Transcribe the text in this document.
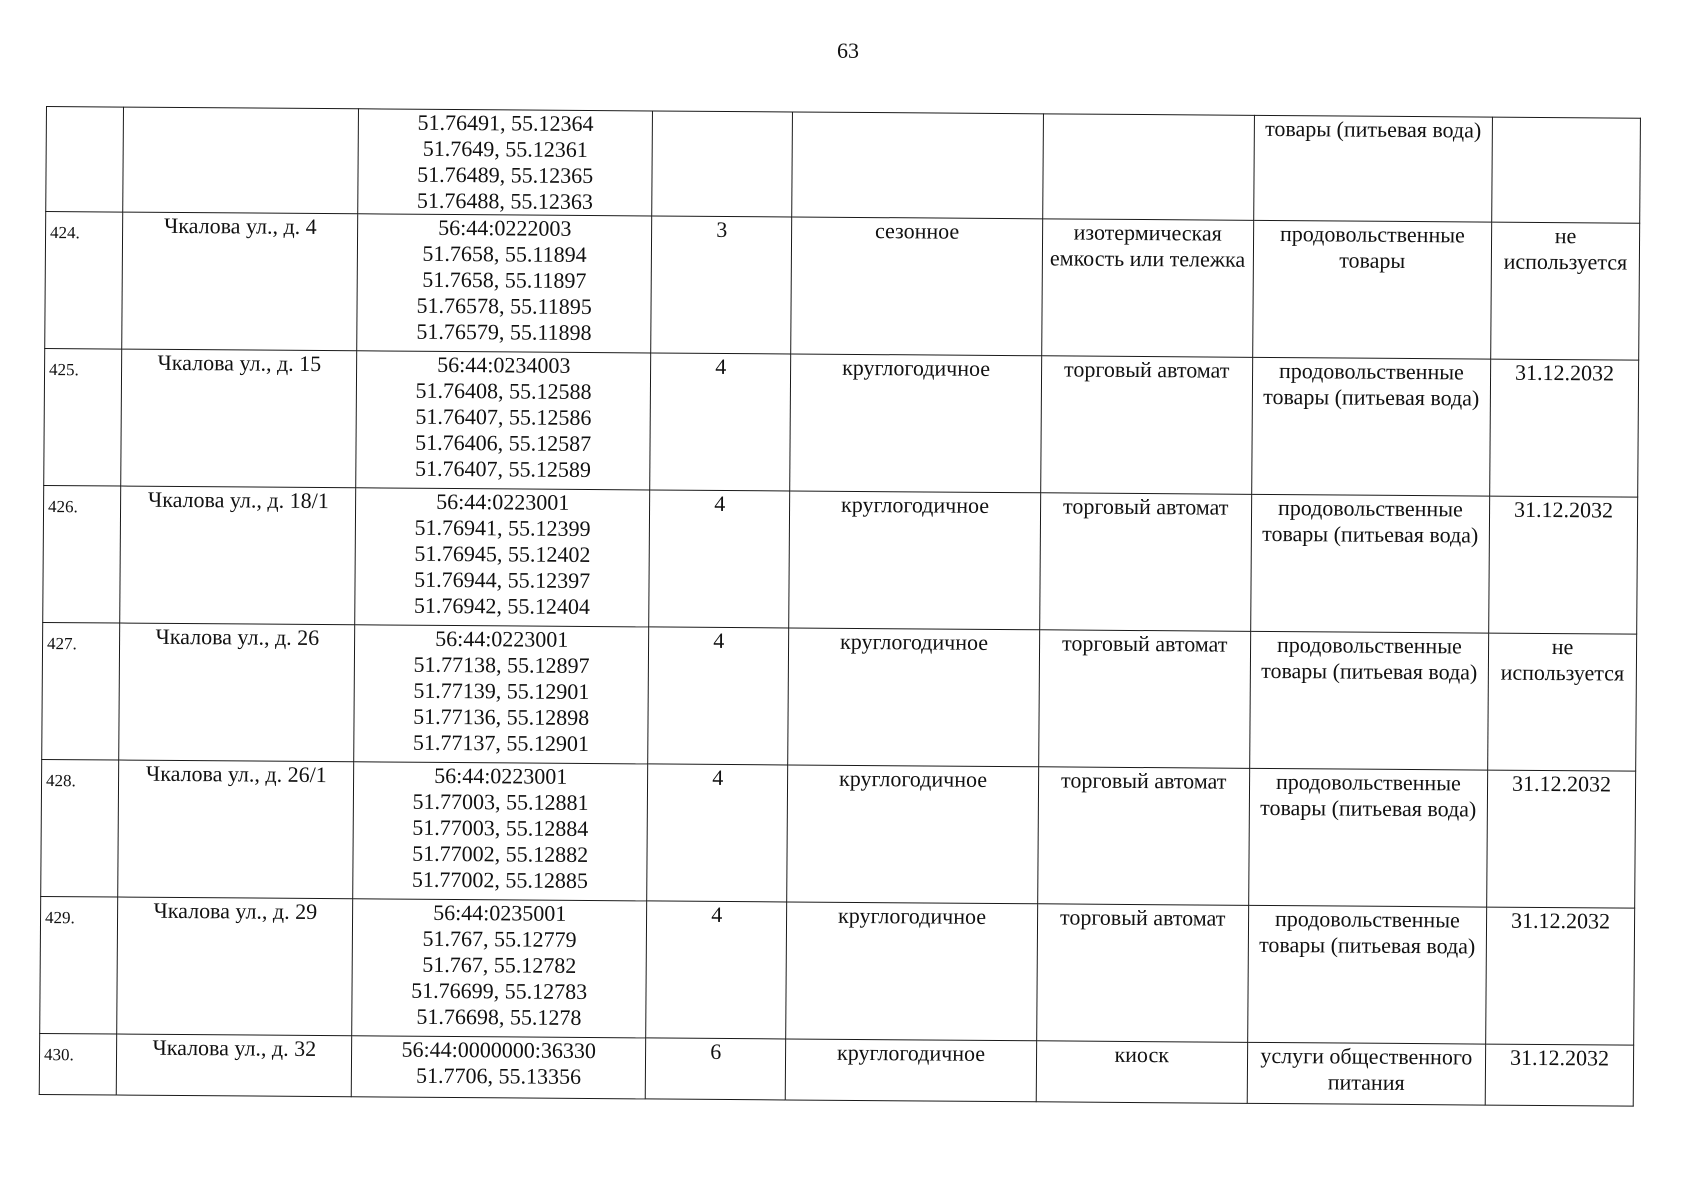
63

		51.76491, 55.12364
51.7649, 55.12361
51.76489, 55.12365
51.76488, 55.12363				товары (питьевая вода)	
424.	Чкалова ул., д. 4	56:44:0222003
51.7658, 55.11894
51.7658, 55.11897
51.76578, 55.11895
51.76579, 55.11898	3	сезонное	изотермическая емкость или тележка	продовольственные товары	не используется
425.	Чкалова ул., д. 15	56:44:0234003
51.76408, 55.12588
51.76407, 55.12586
51.76406, 55.12587
51.76407, 55.12589	4	круглогодичное	торговый автомат	продовольственные товары (питьевая вода)	31.12.2032
426.	Чкалова ул., д. 18/1	56:44:0223001
51.76941, 55.12399
51.76945, 55.12402
51.76944, 55.12397
51.76942, 55.12404	4	круглогодичное	торговый автомат	продовольственные товары (питьевая вода)	31.12.2032
427.	Чкалова ул., д. 26	56:44:0223001
51.77138, 55.12897
51.77139, 55.12901
51.77136, 55.12898
51.77137, 55.12901	4	круглогодичное	торговый автомат	продовольственные товары (питьевая вода)	не используется
428.	Чкалова ул., д. 26/1	56:44:0223001
51.77003, 55.12881
51.77003, 55.12884
51.77002, 55.12882
51.77002, 55.12885	4	круглогодичное	торговый автомат	продовольственные товары (питьевая вода)	31.12.2032
429.	Чкалова ул., д. 29	56:44:0235001
51.767, 55.12779
51.767, 55.12782
51.76699, 55.12783
51.76698, 55.1278	4	круглогодичное	торговый автомат	продовольственные товары (питьевая вода)	31.12.2032
430.	Чкалова ул., д. 32	56:44:0000000:36330
51.7706, 55.13356	6	круглогодичное	киоск	услуги общественного питания	31.12.2032
